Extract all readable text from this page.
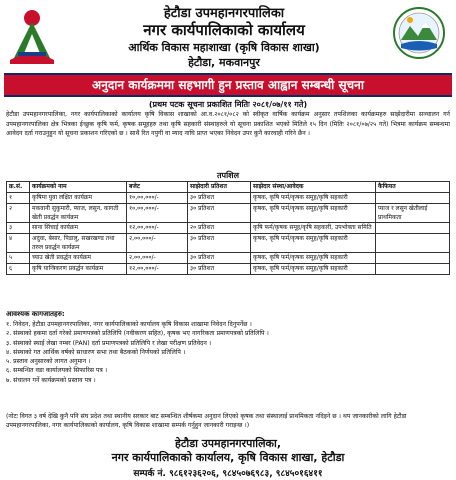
हेटौडा उपमहानगरपालिका
नगर कार्यपालिकाको कार्यालय
आर्थिक विकास महाशाखा (कृषि विकास शाखा)
हेटौडा, मकवानपुर
अनुदान कार्यक्रममा सहभागी हुन प्रस्ताव आह्वान सम्बन्धी सूचना
(प्रथम पटक सूचना प्रकाशित मितिः २०८१/०७/११ गते)
हेटौडा उपमहानगरपालिका, नगर कार्यपालिकाको कार्यालय कृषि विकास शाखाको आ.व.२०८१/०८२ को स्वीकृत वार्षिक कार्यक्रम अनुसार तपशिलका कार्यक्रमहरु साझेदारीमा सञ्चालन गर्न उपमहानगरपालिका क्षेत्र भित्रका ईच्छुक कृषि फर्म, कृषक समूहहरु तथा कृषि सहकारी संस्थाहरुले यो सूचना प्रकाशित भएको मितिले १५ दिन (मितिः २०८१/०७/२५ गते) भित्रमा कार्यक्रम सम्बन्धमा आवेदन दर्ता गराउनुहुन यो सूचना प्रकाशन गरिएको छ । साथै रित नपुगी वा म्याद नाघि प्राप्त भएका निवेदन उपर कुनै कारवाही गरिने छैन ।
तपशिल
क्र.सं.	कार्यक्रमको नाम	बजेट	साझेदारी प्रतिशत	साझेदार संस्था/आवेदक	कैफियत
१	कृषिमा युवा लक्षित कार्यक्रम	१०,००,०००/-	३० प्रतिशत	कृषक, कृषि फर्म/कृषक समूह/कृषि सहकारी	
२	मकवानी सुकुमारी, प्याज, लसुन, कागती खेती प्रवर्द्धन कार्यक्रम	१०,००,०००/-	३० प्रतिशत	कृषक, कृषि फर्म/कृषक समूह/कृषि सहकारी	प्याज र लसुन खेतीलाई प्राथमिकता
३	साना सिंचाई कार्यक्रम	१२,००,०००/-	२० प्रतिशत	कृषि फर्म/कृषक समूह/कृषि सहकारी, उपभोक्ता समिति	
४	अदुवा, बेसार, पिडालु, सखरखण्ड तथा तरुल प्रवर्द्धन कार्यक्रम	२,००,०००/-	३० प्रतिशत	कृषक, कृषि फर्म/कृषक समूह/कृषि सहकारी	
५	च्याउ खेती प्रवर्द्धन कार्यक्रम	२,००,०००/-	३० प्रतिशत	कृषक, कृषि फर्म/कृषक समूह/कृषि सहकारी	
६	कृषि यान्त्रिकरण प्रवर्द्धन कार्यक्रम	१२,००,०००/-	३० प्रतिशत	कृषक, कृषि फर्म/कृषक समूह/कृषि सहकारी	
आवश्यक कागजातहरु:
१. निवेदन, हेटौडा उपमहानगरपालिका, नगर कार्यपालिकाको कार्यालय कृषि विकास शाखामा निवेदन दिनुपर्नेछ ।
२. संस्थाको हकमा दर्ता गरेको प्रमाणपत्रको प्रतिलिपि (नवीकरण सहित), कृषक भए नागरिकता प्रमाणपत्रको प्रतिलिपि ।
३. संस्थाको स्थाई लेखा नम्बर (PAN) दर्ता प्रमाणपत्रको प्रतिलिपि र लेखा परीक्षण प्रतिवेदन ।
४. संस्थाको गत आर्थिक वर्षको साधारण सभा तथा बैठकको निर्णयको प्रतिलिपि ।
५. प्रस्ताव अनुसारको लागत अनुमान ।
६. सम्बन्धित वडा कार्यालयको सिफारिस पत्र ।
७. संचालन गर्ने कार्यक्रमको प्रस्ताव पत्र ।
(नोटः विगत ३ वर्ष देखि कुनै पनि संघ प्रदेश तथा स्थानीय सरकार बाट सम्बन्धित शीर्षकमा अनुदान लिएको कृषक तथा संस्थालाई प्राथमिकता नदिइने छ । थप जानकारीको लागि हेटौडा उपमहानगरपालिका, नगर कार्यपालिकाको कार्यालय, कृषि विकास शाखामा सम्पर्क गर्नुहुन जानकारी गराइन्छ ।)
हेटौडा उपमहानगरपालिका,
नगर कार्यपालिकाको कार्यालय, कृषि विकास शाखा, हेटौडा
सम्पर्क नं. ९८६१२३६२०६, ९८४५०७६९८३, ९८४५०१६४११
